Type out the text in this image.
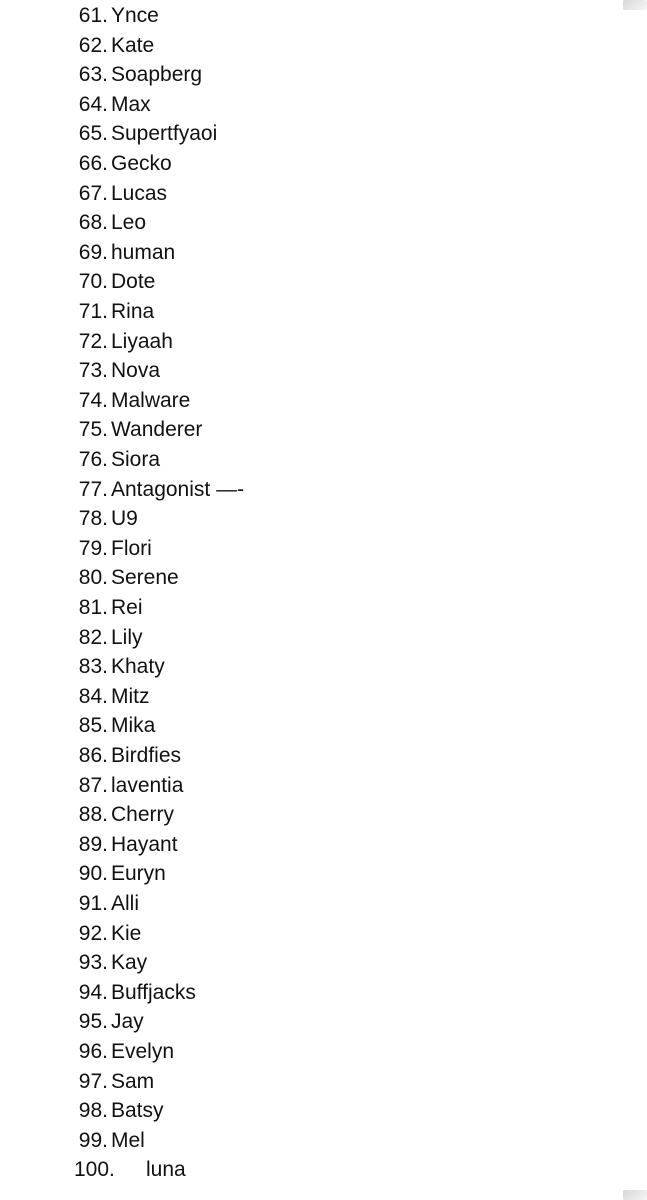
61. Ynce
62. Kate
63. Soapberg
64. Max
65. Supertfyaoi
66. Gecko
67. Lucas
68. Leo
69. human
70. Dote
71. Rina
72. Liyaah
73. Nova
74. Malware
75. Wanderer
76. Siora
77. Antagonist —-
78. U9
79. Flori
80. Serene
81. Rei
82. Lily
83. Khaty
84. Mitz
85. Mika
86. Birdfies
87. laventia
88. Cherry
89. Hayant
90. Euryn
91. Alli
92. Kie
93. Kay
94. Buffjacks
95. Jay
96. Evelyn
97. Sam
98. Batsy
99. Mel
100. luna
